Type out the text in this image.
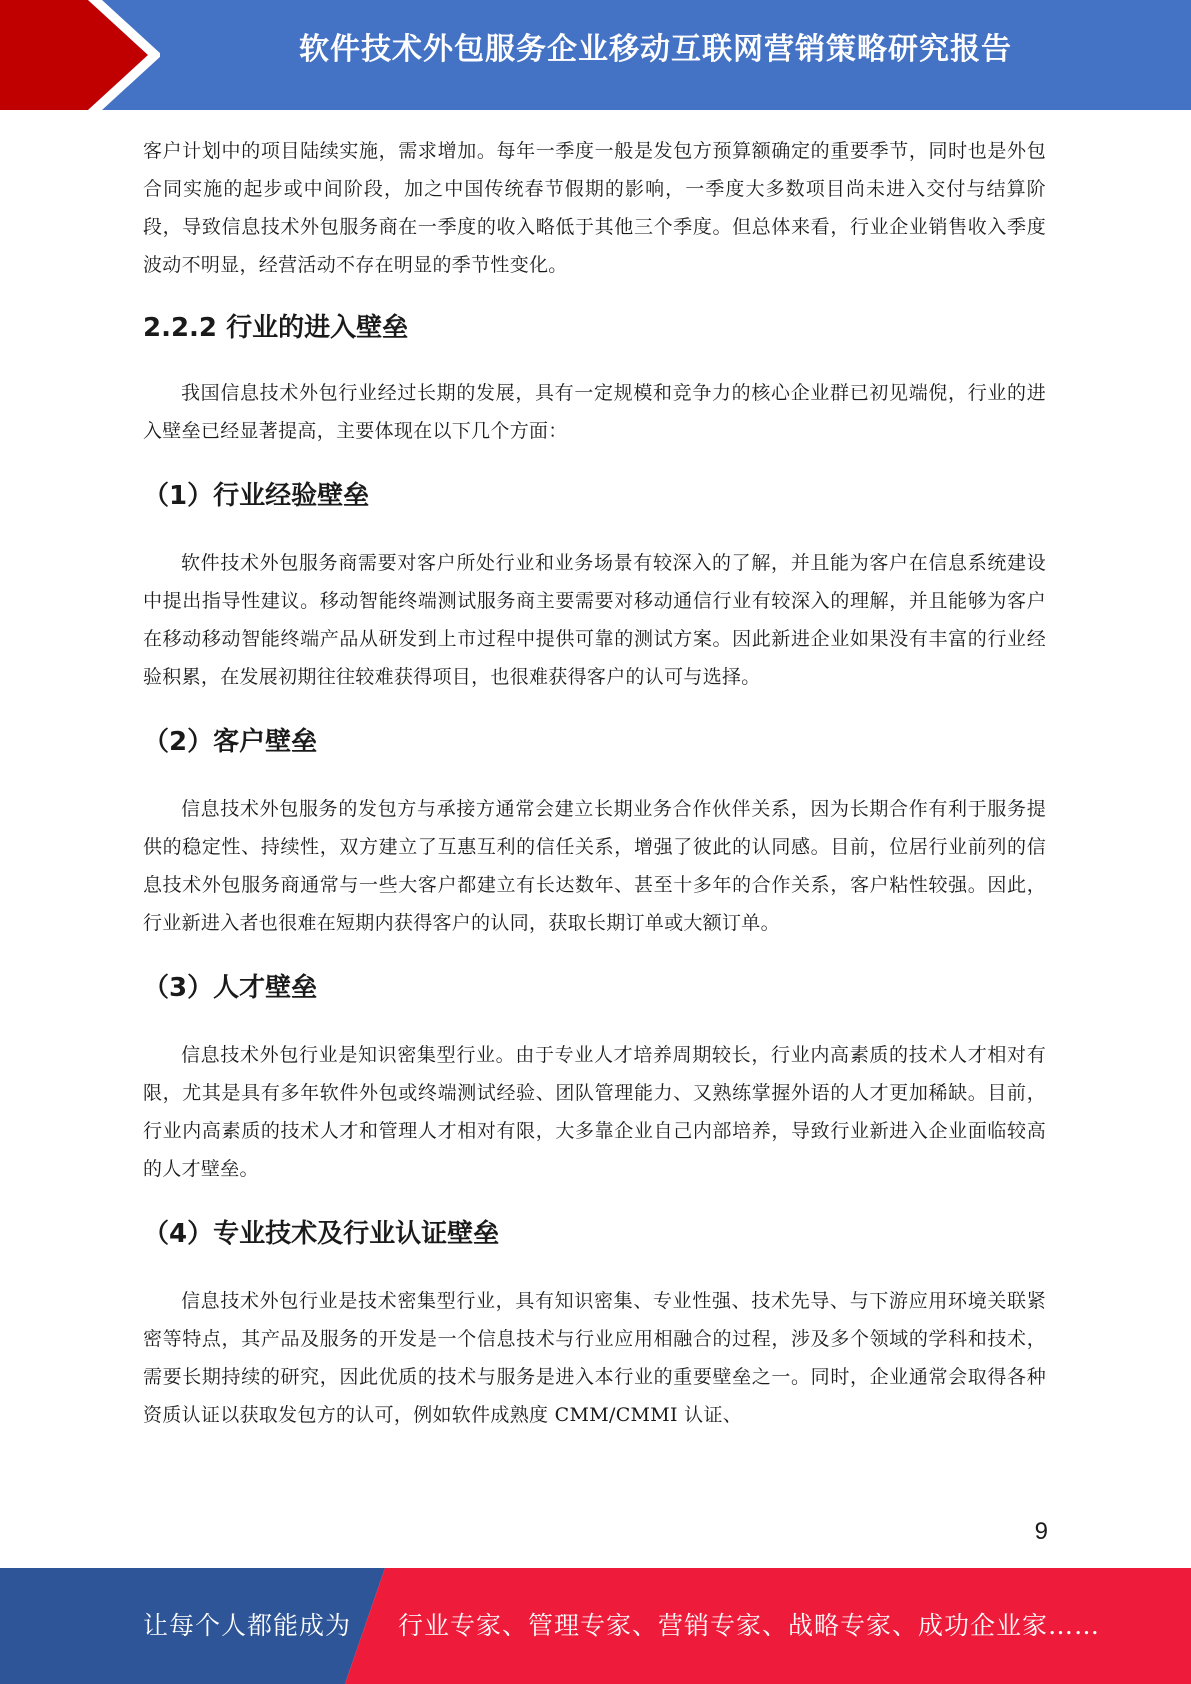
软件技术外包服务企业移动互联网营销策略研究报告

客户计划中的项目陆续实施，需求增加。每年一季度一般是发包方预算额确定的重要季节，同时也是外包合同实施的起步或中间阶段，加之中国传统春节假期的影响，一季度大多数项目尚未进入交付与结算阶段，导致信息技术外包服务商在一季度的收入略低于其他三个季度。但总体来看，行业企业销售收入季度波动不明显，经营活动不存在明显的季节性变化。

2.2.2 行业的进入壁垒

我国信息技术外包行业经过长期的发展，具有一定规模和竞争力的核心企业群已初见端倪，行业的进入壁垒已经显著提高，主要体现在以下几个方面：

（1）行业经验壁垒

软件技术外包服务商需要对客户所处行业和业务场景有较深入的了解，并且能为客户在信息系统建设中提出指导性建议。移动智能终端测试服务商主要需要对移动通信行业有较深入的理解，并且能够为客户在移动移动智能终端产品从研发到上市过程中提供可靠的测试方案。因此新进企业如果没有丰富的行业经验积累，在发展初期往往较难获得项目，也很难获得客户的认可与选择。

（2）客户壁垒

信息技术外包服务的发包方与承接方通常会建立长期业务合作伙伴关系，因为长期合作有利于服务提供的稳定性、持续性，双方建立了互惠互利的信任关系，增强了彼此的认同感。目前，位居行业前列的信息技术外包服务商通常与一些大客户都建立有长达数年、甚至十多年的合作关系，客户粘性较强。因此，行业新进入者也很难在短期内获得客户的认同，获取长期订单或大额订单。

（3）人才壁垒

信息技术外包行业是知识密集型行业。由于专业人才培养周期较长，行业内高素质的技术人才相对有限，尤其是具有多年软件外包或终端测试经验、团队管理能力、又熟练掌握外语的人才更加稀缺。目前，行业内高素质的技术人才和管理人才相对有限，大多靠企业自己内部培养，导致行业新进入企业面临较高的人才壁垒。

（4）专业技术及行业认证壁垒

信息技术外包行业是技术密集型行业，具有知识密集、专业性强、技术先导、与下游应用环境关联紧密等特点，其产品及服务的开发是一个信息技术与行业应用相融合的过程，涉及多个领域的学科和技术，需要长期持续的研究，因此优质的技术与服务是进入本行业的重要壁垒之一。同时，企业通常会取得各种资质认证以获取发包方的认可，例如软件成熟度 CMM/CMMI 认证、

9
让每个人都能成为 行业专家、管理专家、营销专家、战略专家、成功企业家……
